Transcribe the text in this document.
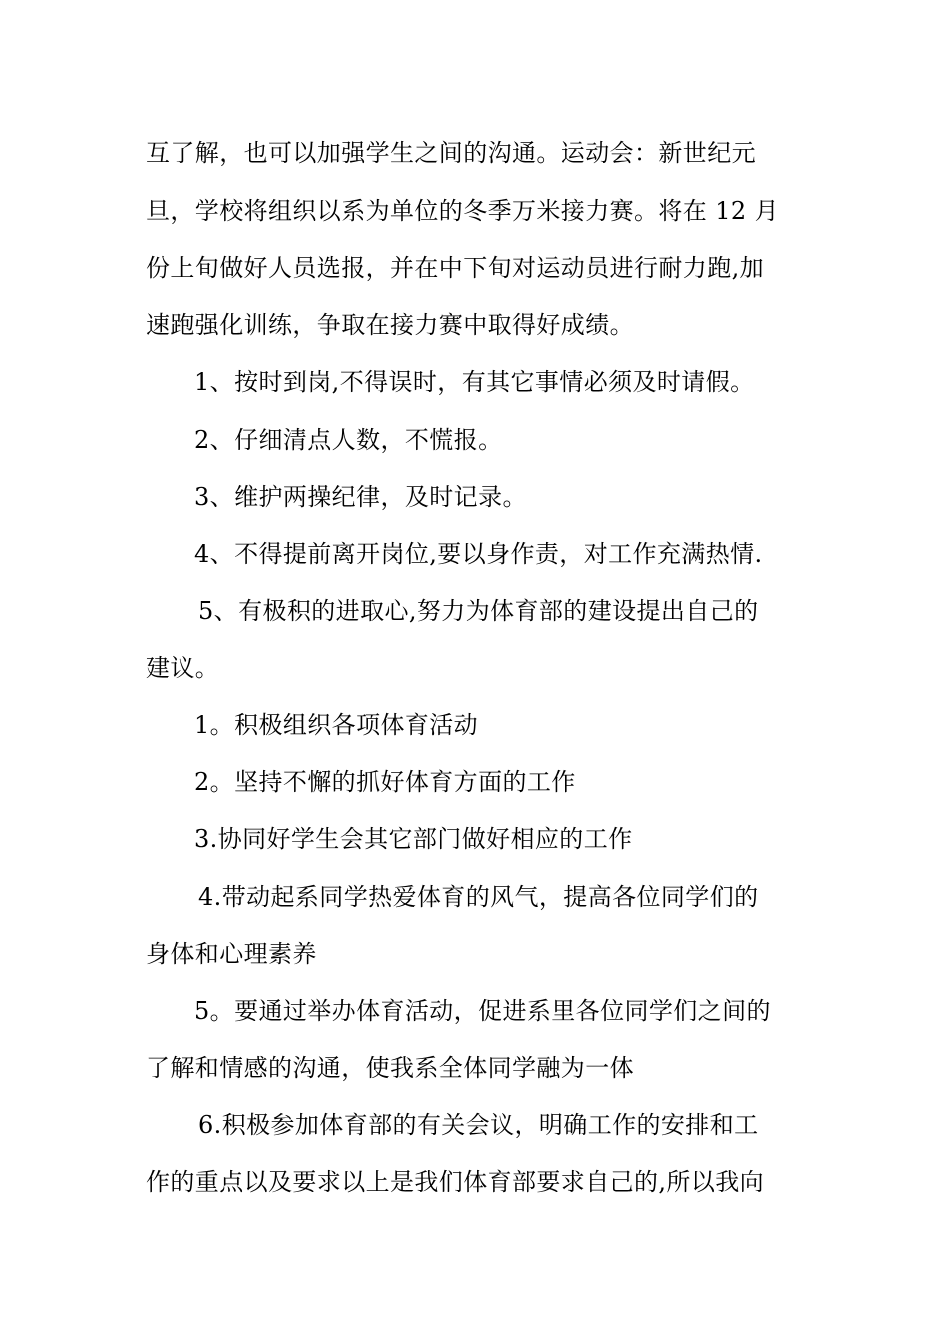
互了解，也可以加强学生之间的沟通。运动会：新世纪元
旦，学校将组织以系为单位的冬季万米接力赛。将在 12 月
份上旬做好人员选报，并在中下旬对运动员进行耐力跑,加
速跑强化训练，争取在接力赛中取得好成绩。
1、按时到岗,不得误时，有其它事情必须及时请假。
2、仔细清点人数，不慌报。
3、维护两操纪律，及时记录。
4、不得提前离开岗位,要以身作责，对工作充满热情.
5、有极积的进取心,努力为体育部的建设提出自己的
建议。
1。积极组织各项体育活动
2。坚持不懈的抓好体育方面的工作
3.协同好学生会其它部门做好相应的工作
4.带动起系同学热爱体育的风气，提高各位同学们的
身体和心理素养
5。要通过举办体育活动，促进系里各位同学们之间的
了解和情感的沟通，使我系全体同学融为一体
6.积极参加体育部的有关会议，明确工作的安排和工
作的重点以及要求以上是我们体育部要求自己的,所以我向
